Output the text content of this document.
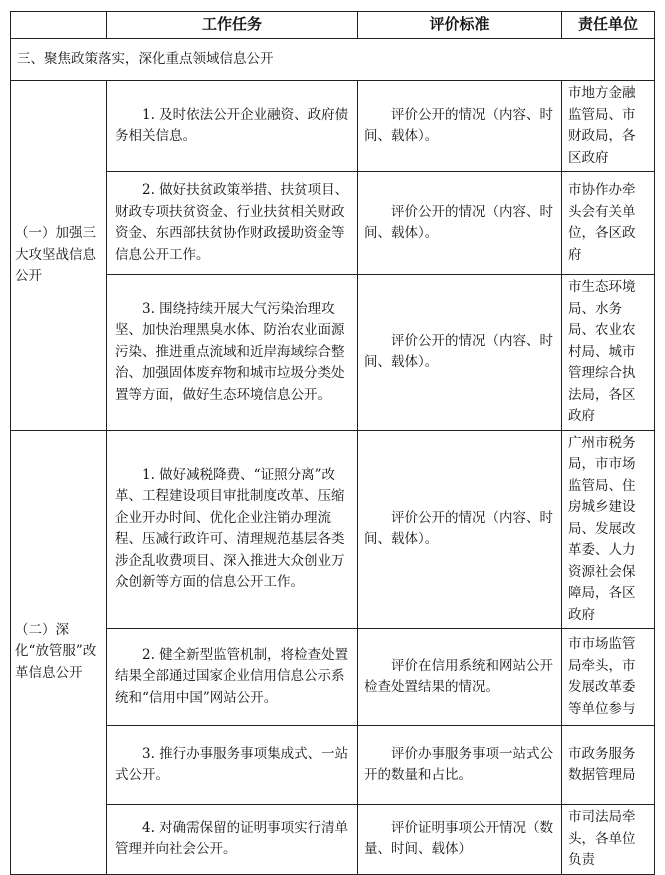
	工作任务	评价标准	责任单位
三、聚焦政策落实，深化重点领域信息公开			
（一）加强三大攻坚战信息公开	1. 及时依法公开企业融资、政府债务相关信息。	评价公开的情况（内容、时间、载体）。	市地方金融监管局、市财政局，各区政府
	2. 做好扶贫政策举措、扶贫项目、财政专项扶贫资金、行业扶贫相关财政资金、东西部扶贫协作财政援助资金等信息公开工作。	评价公开的情况（内容、时间、载体）。	市协作办牵头会有关单位，各区政府
	3. 围绕持续开展大气污染治理攻坚、加快治理黑臭水体、防治农业面源污染、推进重点流域和近岸海域综合整治、加强固体废弃物和城市垃圾分类处置等方面，做好生态环境信息公开。	评价公开的情况（内容、时间、载体）。	市生态环境局、水务局、农业农村局、城市管理综合执法局，各区政府
（二）深化“放管服”改革信息公开	1. 做好减税降费、“证照分离”改革、工程建设项目审批制度改革、压缩企业开办时间、优化企业注销办理流程、压减行政许可、清理规范基层各类涉企乱收费项目、深入推进大众创业万众创新等方面的信息公开工作。	评价公开的情况（内容、时间、载体）。	广州市税务局，市市场监管局、住房城乡建设局、发展改革委、人力资源社会保障局，各区政府
	2. 健全新型监管机制，将检查处置结果全部通过国家企业信用信息公示系统和“信用中国”网站公开。	评价在信用系统和网站公开检查处置结果的情况。	市市场监管局牵头，市发展改革委等单位参与
	3. 推行办事服务事项集成式、一站式公开。	评价办事服务事项一站式公开的数量和占比。	市政务服务数据管理局
	4. 对确需保留的证明事项实行清单管理并向社会公开。	评价证明事项公开情况（数量、时间、载体）	市司法局牵头，各单位负责
